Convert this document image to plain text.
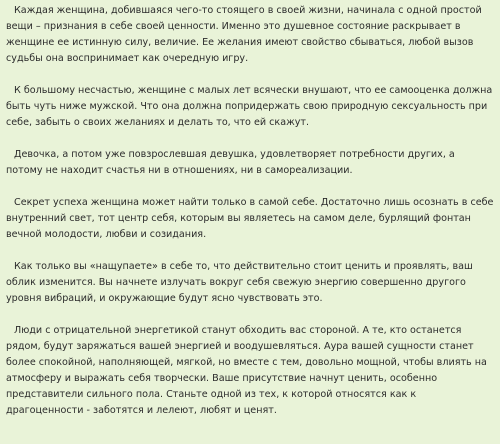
Каждая женщина, добившаяся чего-то стоящего в своей жизни, начинала с одной простой вещи – признания в себе своей ценности. Именно это душевное состояние раскрывает в женщине ее истинную силу, величие. Ее желания имеют свойство сбываться, любой вызов судьбы она воспринимает как очередную игру.

К большому несчастью, женщине с малых лет всячески внушают, что ее самооценка должна быть чуть ниже мужской. Что она должна попридержать свою природную сексуальность при себе, забыть о своих желаниях и делать то, что ей скажут.

Девочка, а потом уже повзрослевшая девушка, удовлетворяет потребности других, а потому не находит счастья ни в отношениях, ни в самореализации.

Секрет успеха женщина может найти только в самой себе. Достаточно лишь осознать в себе внутренний свет, тот центр себя, которым вы являетесь на самом деле, бурлящий фонтан вечной молодости, любви и созидания.

Как только вы «нащупаете» в себе то, что действительно стоит ценить и проявлять, ваш облик изменится. Вы начнете излучать вокруг себя свежую энергию совершенно другого уровня вибраций, и окружающие будут ясно чувствовать это.

Люди с отрицательной энергетикой станут обходить вас стороной. А те, кто останется рядом, будут заряжаться вашей энергией и воодушевляться. Аура вашей сущности станет более спокойной, наполняющей, мягкой, но вместе с тем, довольно мощной, чтобы влиять на атмосферу и выражать себя творчески. Ваше присутствие начнут ценить, особенно представители сильного пола. Станьте одной из тех, к которой относятся как к драгоценности - заботятся и лелеют, любят и ценят.
